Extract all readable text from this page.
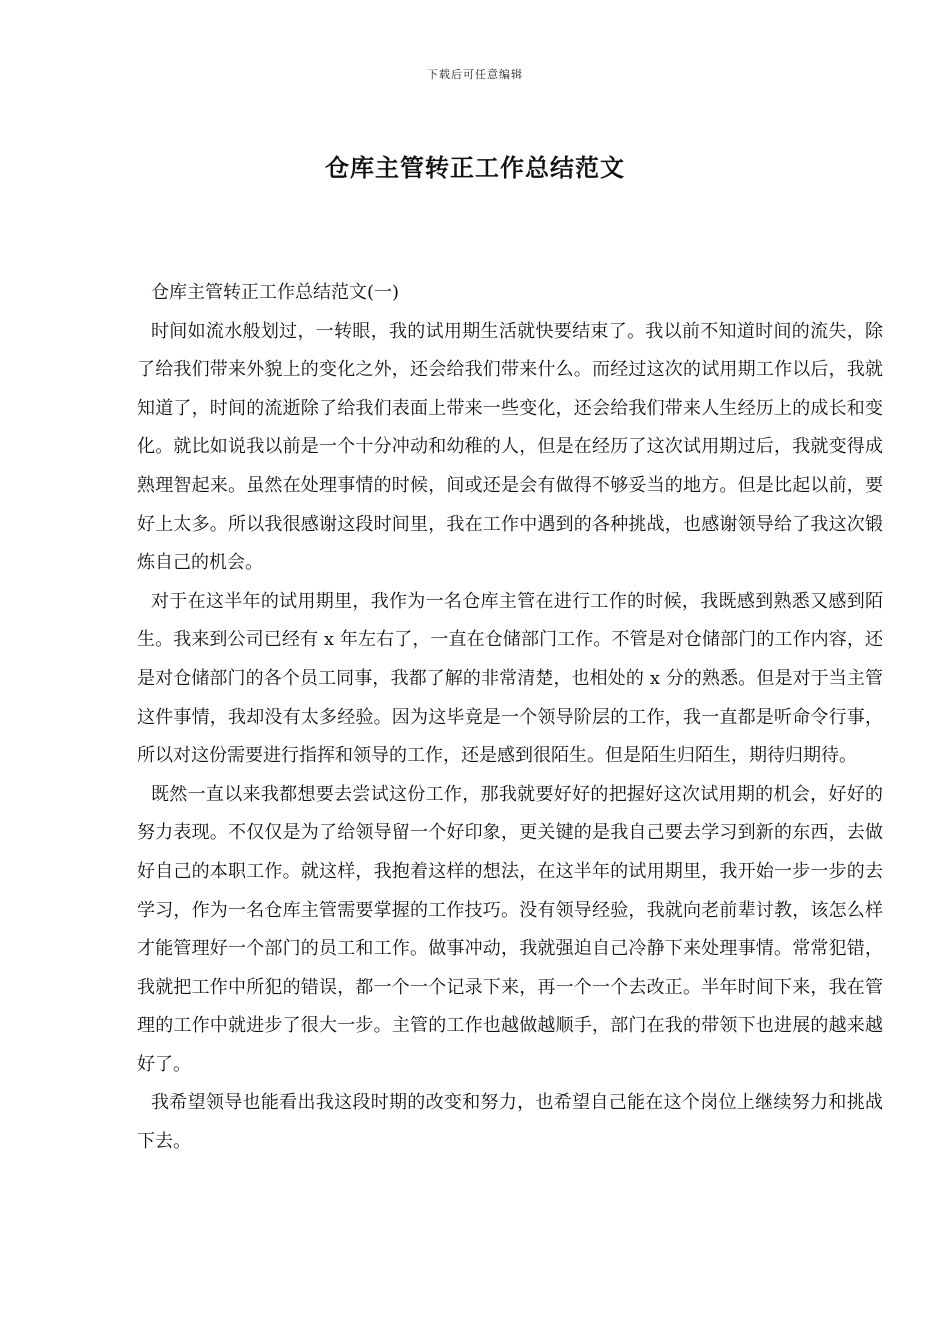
下载后可任意编辑
仓库主管转正工作总结范文

仓库主管转正工作总结范文(一)

时间如流水般划过，一转眼，我的试用期生活就快要结束了。我以前不知道时间的流失，除了给我们带来外貌上的变化之外，还会给我们带来什么。而经过这次的试用期工作以后，我就知道了，时间的流逝除了给我们表面上带来一些变化，还会给我们带来人生经历上的成长和变化。就比如说我以前是一个十分冲动和幼稚的人，但是在经历了这次试用期过后，我就变得成熟理智起来。虽然在处理事情的时候，间或还是会有做得不够妥当的地方。但是比起以前，要好上太多。所以我很感谢这段时间里，我在工作中遇到的各种挑战，也感谢领导给了我这次锻炼自己的机会。

对于在这半年的试用期里，我作为一名仓库主管在进行工作的时候，我既感到熟悉又感到陌生。我来到公司已经有 x 年左右了，一直在仓储部门工作。不管是对仓储部门的工作内容，还是对仓储部门的各个员工同事，我都了解的非常清楚，也相处的 x 分的熟悉。但是对于当主管这件事情，我却没有太多经验。因为这毕竟是一个领导阶层的工作，我一直都是听命令行事，所以对这份需要进行指挥和领导的工作，还是感到很陌生。但是陌生归陌生，期待归期待。

既然一直以来我都想要去尝试这份工作，那我就要好好的把握好这次试用期的机会，好好的努力表现。不仅仅是为了给领导留一个好印象，更关键的是我自己要去学习到新的东西，去做好自己的本职工作。就这样，我抱着这样的想法，在这半年的试用期里，我开始一步一步的去学习，作为一名仓库主管需要掌握的工作技巧。没有领导经验，我就向老前辈讨教，该怎么样才能管理好一个部门的员工和工作。做事冲动，我就强迫自己冷静下来处理事情。常常犯错，我就把工作中所犯的错误，都一个一个记录下来，再一个一个去改正。半年时间下来，我在管理的工作中就进步了很大一步。主管的工作也越做越顺手，部门在我的带领下也进展的越来越好了。

我希望领导也能看出我这段时期的改变和努力，也希望自己能在这个岗位上继续努力和挑战下去。
